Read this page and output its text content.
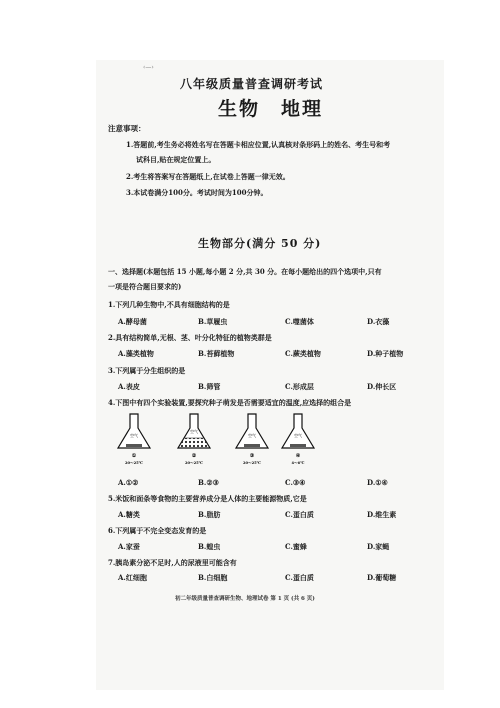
‹—›
八年级质量普查调研考试
生物　地理
注意事项：
1.答题前,考生务必将姓名写在答题卡相应位置,认真核对条形码上的姓名、考生号和考
试科目,贴在规定位置上。
2.考生将答案写在答题纸上,在试卷上答题一律无效。
3.本试卷满分100分。考试时间为100分钟。
生物部分(满分 50 分)
一、选择题(本题包括 15 小题,每小题 2 分,共 30 分。在每小题给出的四个选项中,只有
一项是符合题目要求的)
1.下列几种生物中,不具有细胞结构的是
A.酵母菌	B.草履虫	C.噬菌体	D.衣藻
2.具有结构简单,无根、茎、叶分化特征的植物类群是
A.藻类植物	B.苔藓植物	C.蕨类植物	D.种子植物
3.下列属于分生组织的是
A.表皮	B.筛管	C.形成层	D.伸长区
4.下图中有四个实验装置,要探究种子萌发是否需要适宜的温度,应选择的组合是
空气
①
20～25℃
空气
②
20～25℃
空气
③
20～25℃
空气
④
4～6℃
A.①②	B.②③	C.③④	D.①④
5.米饭和面条等食物的主要营养成分是人体的主要能源物质,它是
A.糖类	B.脂肪	C.蛋白质	D.维生素
6.下列属于不完全变态发育的是
A.家蚕	B.蝗虫	C.蜜蜂	D.家蝇
7.胰岛素分泌不足时,人的尿液里可能含有
A.红细胞	B.白细胞	C.蛋白质	D.葡萄糖
初二年级质量普查调研生物、地理试卷 第 1 页 (共 6 页)
